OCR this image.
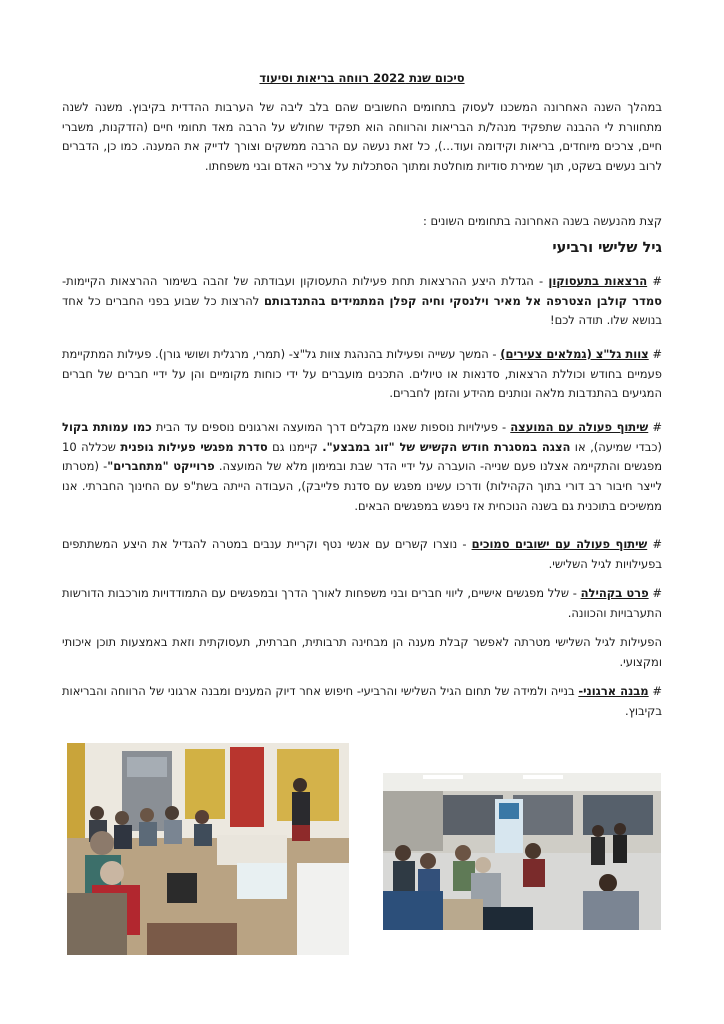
סיכום שנת 2022 רווחה בריאות וסיעוד

במהלך השנה האחרונה המשכנו לעסוק בתחומים החשובים שהם בלב ליבה של הערבות ההדדית בקיבוץ. משנה לשנה מתחוורת לי ההבנה שתפקיד מנהל/ת הבריאות והרווחה הוא תפקיד שחולש על הרבה מאד תחומי חיים (הזדקנות, משברי חיים, צרכים מיוחדים, בריאות וקידומה ועוד...), כל זאת נעשה עם הרבה ממשקים וצורך לדייק את המענה. כמו כן, הדברים לרוב נעשים בשקט, תוך שמירת סודיות מוחלטת ומתוך הסתכלות על צרכיי האדם ובני משפחתו.

קצת מהנעשה בשנה האחרונה בתחומים השונים :

גיל שלישי ורביעי

# הרצאות בתעסוקון - הגדלת היצע ההרצאות תחת פעילות התעסוקון ועבודתה של זהבה בשימור ההרצאות הקיימות- סמדר קולבן הצטרפה אל מאיר וילנסקי וחיה קפלן המתמידים בהתנדבותם להרצות כל שבוע בפני החברים כל אחד בנושא שלו. תודה לכם!

# צוות גל"צ (גמלאים צעירים) - המשך עשייה ופעילות בהנהגת צוות גל"צ- (תמרי, מרגלית ושושי גורן). פעילות המתקיימת פעמיים בחודש וכוללת הרצאות, סדנאות או טיולים. התכנים מועברים על ידי כוחות מקומיים והן על ידיי חברים של חברים המגיעים בהתנדבות מלאה ונותנים מהידע והזמן לחברים.

# שיתוף פעולה עם המועצה - פעילויות נוספות שאנו מקבלים דרך המועצה וארגונים נוספים עד הבית כמו עמותת בקול (כבדי שמיעה), או הצגה במסגרת חודש הקשיש של "זוג במבצע". קיימנו גם סדרת מפגשי פעילות גופנית שכללה 10 מפגשים והתקיימה אצלנו פעם שנייה- הועברה על ידיי הדר שבת ובמימון מלא של המועצה. פרוייקט "מתחברים"- (מטרתו לייצר חיבור רב דורי בתוך הקהילות) ודרכו עשינו מפגש עם סדנת פלייבק), העבודה הייתה בשת"פ עם החינוך החברתי. אנו ממשיכים בתוכנית גם בשנה הנוכחית אז ניפגש במפגשים הבאים.

# שיתוף פעולה עם ישובים סמוכים - נוצרו קשרים עם אנשי נטף וקריית ענבים במטרה להגדיל את היצע המשתתפים בפעילויות לגיל השלישי.

# פרט בקהילה - שלל מפגשים אישיים, ליווי חברים ובני משפחות לאורך הדרך ובמפגשים עם התמודדויות מורכבות הדורשות התערבויות והכוונה.

הפעילות לגיל השלישי מטרתה לאפשר קבלת מענה הן מבחינה תרבותית, חברתית, תעסוקתית וזאת באמצעות תוכן איכותי ומקצועי.

# מבנה ארגוני- בנייה ולמידה של תחום הגיל השלישי והרביעי- חיפוש אחר דיוק המענים ומבנה ארגוני של הרווחה והבריאות בקיבוץ.
